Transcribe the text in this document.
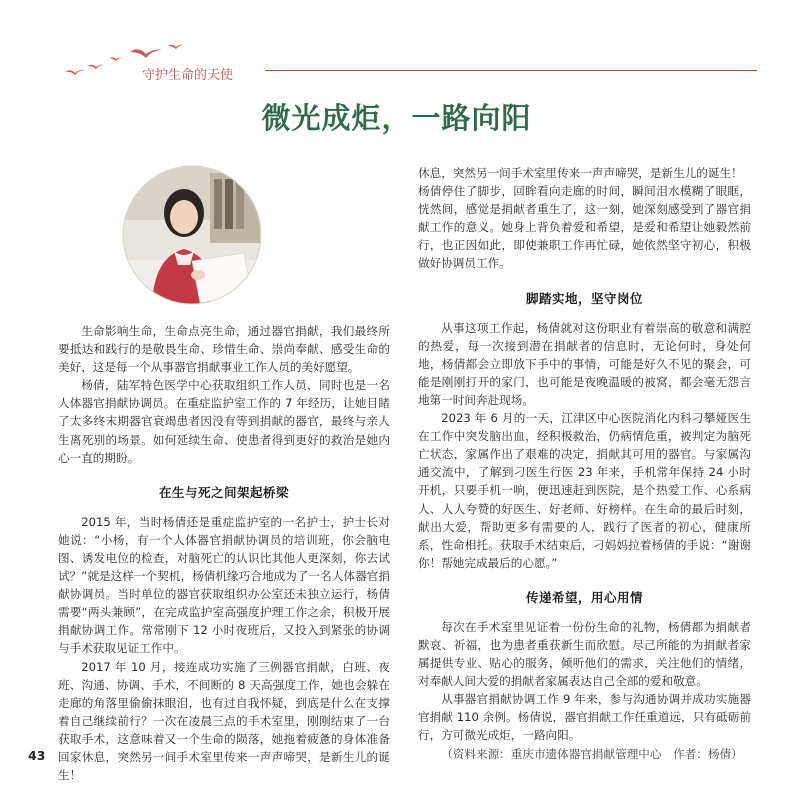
守护生命的天使
微光成炬，一路向阳

生命影响生命，生命点亮生命，通过器官捐献，我们最终所要抵达和践行的是敬畏生命、珍惜生命、崇尚奉献、感受生命的美好，这是每一个从事器官捐献事业工作人员的美好愿望。

杨倩，陆军特色医学中心获取组织工作人员，同时也是一名人体器官捐献协调员。在重症监护室工作的 7 年经历，让她目睹了太多终末期器官衰竭患者因没有等到捐献的器官，最终与亲人生离死别的场景。如何延续生命、使患者得到更好的救治是她内心一直的期盼。

在生与死之间架起桥梁

2015 年，当时杨倩还是重症监护室的一名护士，护士长对她说：“小杨，有一个人体器官捐献协调员的培训班，你会脑电图、诱发电位的检查，对脑死亡的认识比其他人更深刻，你去试试？”就是这样一个契机，杨倩机缘巧合地成为了一名人体器官捐献协调员。当时单位的器官获取组织办公室还未独立运行，杨倩需要“两头兼顾”，在完成监护室高强度护理工作之余，积极开展捐献协调工作。常常刚下 12 小时夜班后，又投入到紧张的协调与手术获取见证工作中。

2017 年 10 月，接连成功实施了三例器官捐献，白班、夜班、沟通、协调、手术，不间断的 8 天高强度工作，她也会躲在走廊的角落里偷偷抹眼泪，也有过自我怀疑，到底是什么在支撑着自己继续前行？一次在凌晨三点的手术室里，刚刚结束了一台获取手术，这意味着又一个生命的陨落，她拖着疲惫的身体准备回家休息，突然另一间手术室里传来一声声啼哭，是新生儿的诞生！

休息，突然另一间手术室里传来一声声啼哭，是新生儿的诞生！

杨倩停住了脚步，回眸看向走廊的时间，瞬间泪水模糊了眼眶，恍然间，感觉是捐献者重生了，这一刻，她深刻感受到了器官捐献工作的意义。她身上背负着爱和希望，是爱和希望让她毅然前行，也正因如此，即使兼职工作再忙碌，她依然坚守初心，积极做好协调员工作。

脚踏实地，坚守岗位

从事这项工作起，杨倩就对这份职业有着崇高的敬意和满腔的热爱，每一次接到潜在捐献者的信息时，无论何时，身处何地，杨倩都会立即放下手中的事情，可能是好久不见的聚会，可能是刚刚打开的家门，也可能是夜晚温暖的被窝，都会毫无怨言地第一时间奔赴现场。

2023 年 6 月的一天，江津区中心医院消化内科刁攀娅医生在工作中突发脑出血，经积极救治，仍病情危重，被判定为脑死亡状态，家属作出了艰难的决定，捐献其可用的器官。与家属沟通交流中，了解到刁医生行医 23 年来，手机常年保持 24 小时开机，只要手机一响，便迅速赶到医院，是个热爱工作、心系病人、人人夸赞的好医生、好老师、好榜样。在生命的最后时刻，献出大爱，帮助更多有需要的人，践行了医者的初心，健康所系，性命相托。获取手术结束后，刁妈妈拉着杨倩的手说：“谢谢你！帮她完成最后的心愿。”

传递希望，用心用情

每次在手术室里见证着一份份生命的礼物，杨倩都为捐献者默哀、祈福，也为患者重获新生而欣慰。尽己所能的为捐献者家属提供专业、贴心的服务，倾听他们的需求，关注他们的情绪，对奉献人间大爱的捐献者家属表达自己全部的爱和敬意。

从事器官捐献协调工作 9 年来，参与沟通协调并成功实施器官捐献 110 余例。杨倩说，器官捐献工作任重道远，只有砥砺前行，方可微光成炬，一路向阳。

（资料来源：重庆市遗体器官捐献管理中心　作者：杨倩）

43
